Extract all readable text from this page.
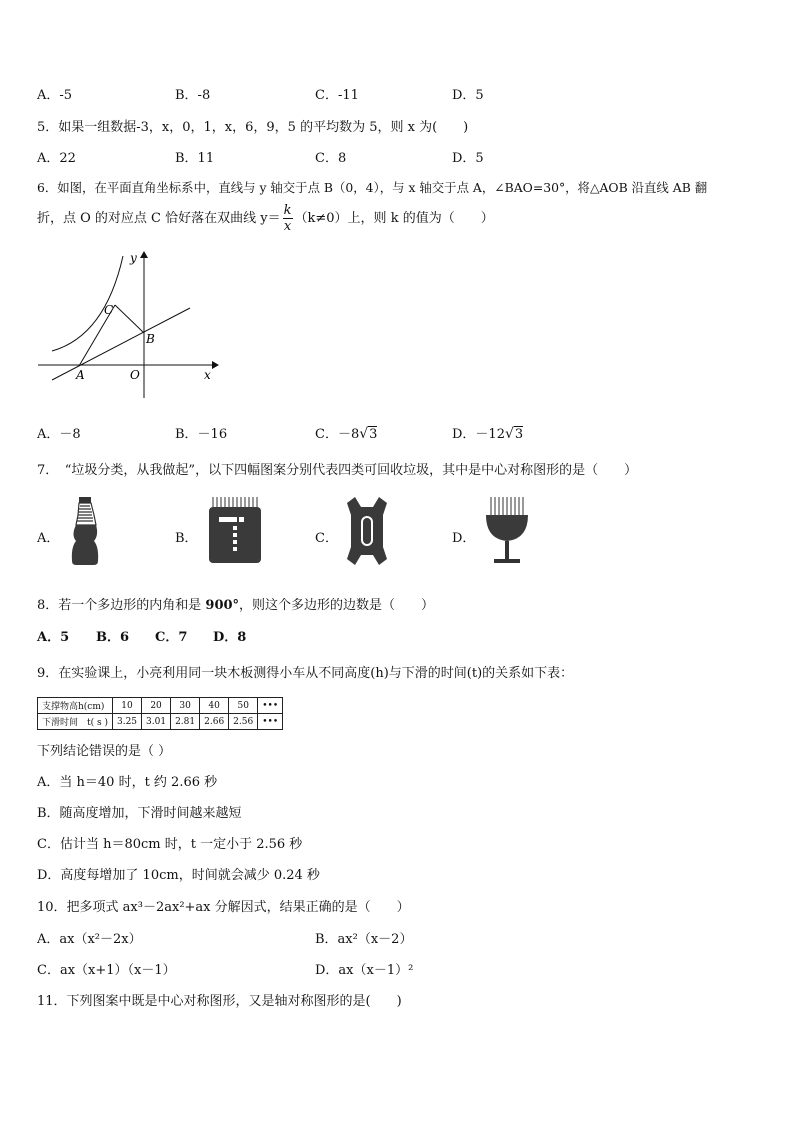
A．-5	B．-8	C．-11	D．5
5．如果一组数据-3，x，0，1，x，6，9，5 的平均数为 5，则 x 为(　　)
A．22	B．11	C．8	D．5
6．如图，在平面直角坐标系中，直线与 y 轴交于点 B（0，4），与 x 轴交于点 A，∠BAO=30°，将△AOB 沿直线 AB 翻
折，点 O 的对应点 C 恰好落在双曲线 $y= \frac{k}{x} (k\ne 0)$上，则 k 的值为（　　）
y
x
C
B
A	O
A．－8	B．－16	C．－8√3	D．－12√3
7．　“垃圾分类，从我做起”，以下四幅图案分别代表四类可回收垃圾，其中是中心对称图形的是（　　）
A．	B．	C．	D．
8．若一个多边形的内角和是 900°，则这个多边形的边数是（　　）
A．5 B．6 C．7 D．8
9．在实验课上，小亮利用同一块木板测得小车从不同高度(h)与下滑的时间(t)的关系如下表：
支撑物高h(cm)	10	20	30	40	50	•••
下滑时间　t( s )	3.25	3.01	2.81	2.66	2.56	•••
下列结论错误的是（ ）
A．当 h＝40 时，t 约 2.66 秒
B．随高度增加，下滑时间越来越短
C．估计当 h＝80cm 时，t 一定小于 2.56 秒
D．高度每增加了 10cm，时间就会减少 0.24 秒
10．把多项式 ax³－2ax²+ax 分解因式，结果正确的是（　　）
A．ax（x²－2x）	B．ax²（x－2）
C．ax（x+1）（x－1）	D．ax（x－1）²
11．下列图案中既是中心对称图形，又是轴对称图形的是(　　)
